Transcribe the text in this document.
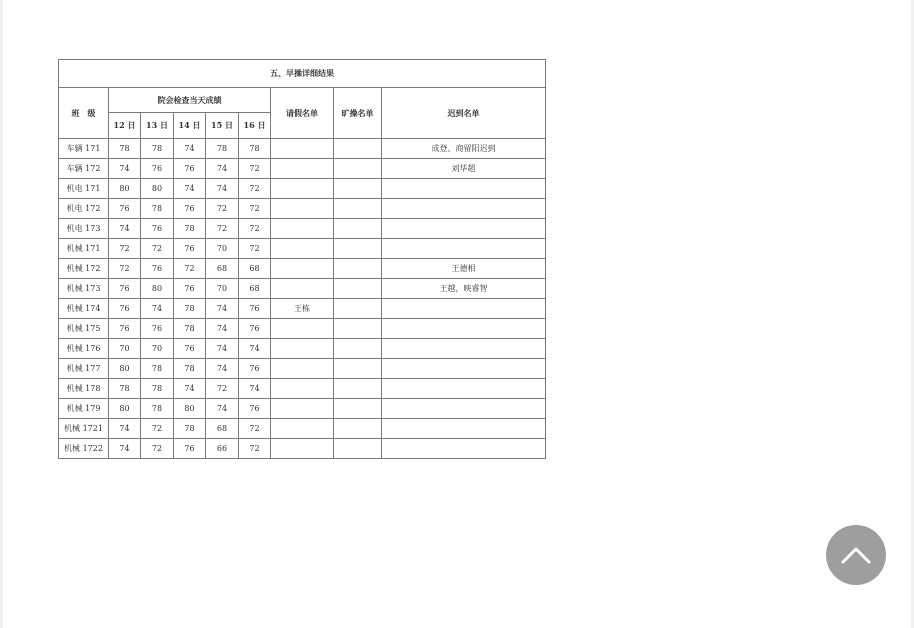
五、早操详细结果								
班　级	院会检查当天成绩					请假名单	旷操名单	迟到名单
	12 日	13 日	14 日	15 日	16 日			
车辆 171	78	78	74	78	78			成登、商留阳迟到
车辆 172	74	76	76	74	72			刘华超
机电 171	80	80	74	74	72			
机电 172	76	78	76	72	72			
机电 173	74	76	78	72	72			
机械 171	72	72	76	70	72			
机械 172	72	76	72	68	68			王德相
机械 173	76	80	76	70	68			王越，映睿智
机械 174	76	74	78	74	76	王栋		
机械 175	76	76	78	74	76			
机械 176	70	70	76	74	74			
机械 177	80	78	78	74	76			
机械 178	78	78	74	72	74			
机械 179	80	78	80	74	76			
机械 1721	74	72	78	68	72			
机械 1722	74	72	76	66	72			
